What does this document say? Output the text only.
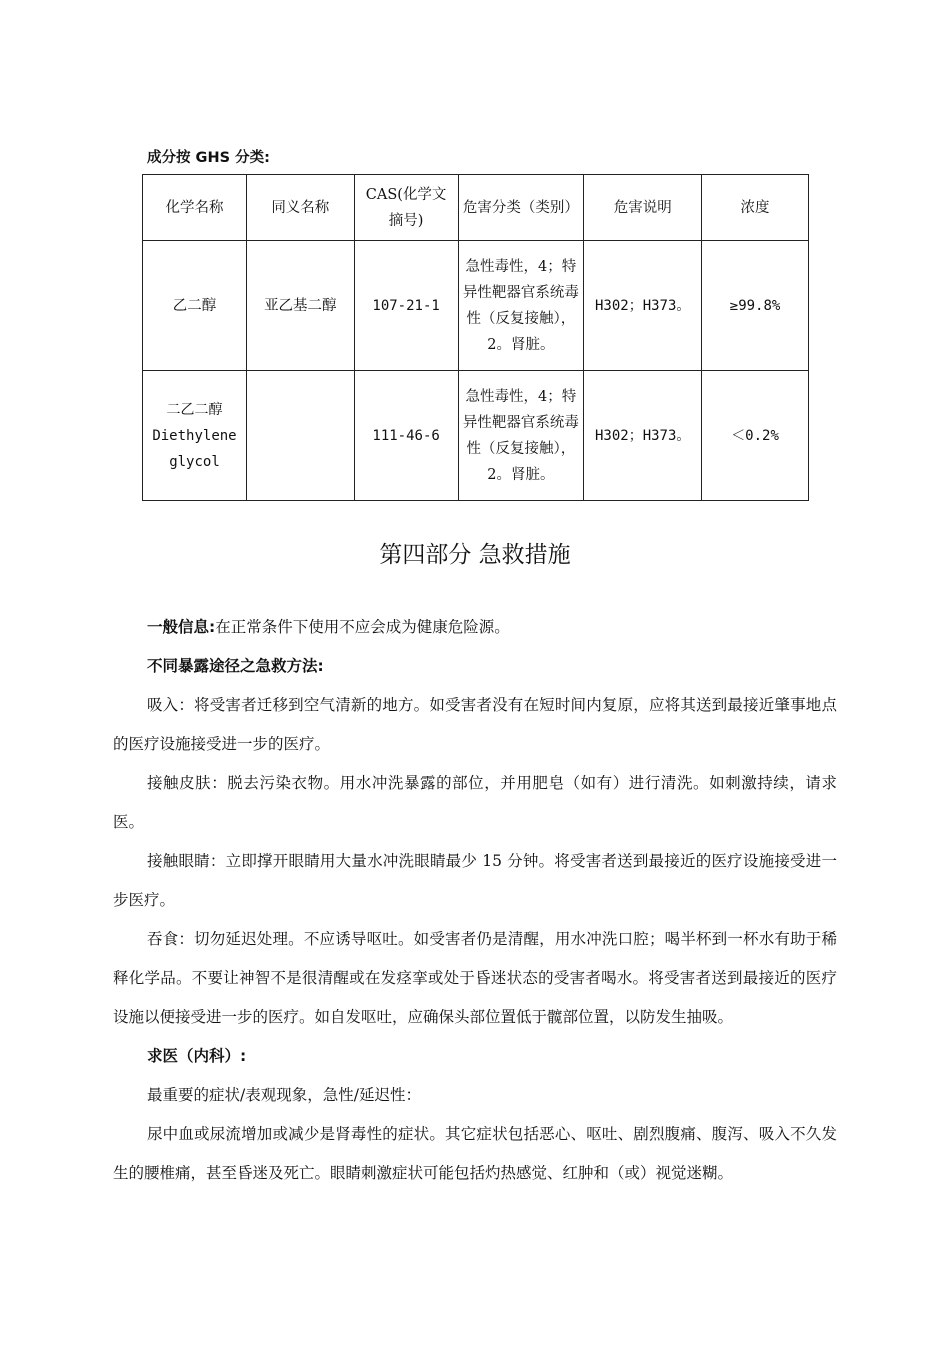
成分按 GHS 分类:
化学名称	同义名称	CAS(化学文摘号)	危害分类（类别）	危害说明	浓度
乙二醇	亚乙基二醇	107-21-1	急性毒性，4；特异性靶器官系统毒性（反复接触），2。肾脏。	H302；H373。	≥99.8%
二乙二醇 Diethylene glycol		111-46-6	急性毒性，4；特异性靶器官系统毒性（反复接触），2。肾脏。	H302；H373。	＜0.2%
第四部分 急救措施

一般信息:在正常条件下使用不应会成为健康危险源。

不同暴露途径之急救方法:

吸入：将受害者迁移到空气清新的地方。如受害者没有在短时间内复原，应将其送到最接近肇事地点的医疗设施接受进一步的医疗。

接触皮肤：脱去污染衣物。用水冲洗暴露的部位，并用肥皂（如有）进行清洗。如刺激持续，请求医。

接触眼睛：立即撑开眼睛用大量水冲洗眼睛最少 15 分钟。将受害者送到最接近的医疗设施接受进一步医疗。

吞食：切勿延迟处理。不应诱导呕吐。如受害者仍是清醒，用水冲洗口腔；喝半杯到一杯水有助于稀释化学品。不要让神智不是很清醒或在发痉挛或处于昏迷状态的受害者喝水。将受害者送到最接近的医疗设施以便接受进一步的医疗。如自发呕吐，应确保头部位置低于髋部位置，以防发生抽吸。

求医（内科）:

最重要的症状/表观现象，急性/延迟性：

尿中血或尿流增加或减少是肾毒性的症状。其它症状包括恶心、呕吐、剧烈腹痛、腹泻、吸入不久发生的腰椎痛，甚至昏迷及死亡。眼睛刺激症状可能包括灼热感觉、红肿和（或）视觉迷糊。
